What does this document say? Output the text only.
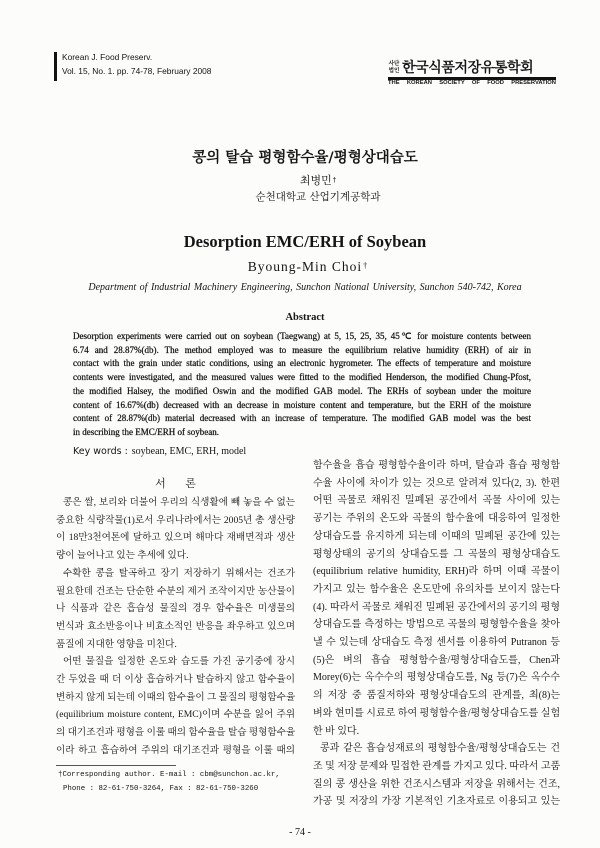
Korean J. Food Preserv.
Vol. 15, No. 1. pp. 74-78, February 2008
사단법인 한국식품저장유통학회
THE KOREAN SOCIETY OF FOOD PRESERVATION
콩의 탈습 평형함수율/평형상대습도
최병민†
순천대학교 산업기계공학과
Desorption EMC/ERH of Soybean
Byoung-Min Choi†
Department of Industrial Machinery Engineering, Sunchon National University, Sunchon 540-742, Korea
Abstract
Desorption experiments were carried out on soybean (Taegwang) at 5, 15, 25, 35, 45℃ for moisture contents between
6.74 and 28.87%(db). The method employed was to measure the equilibrium relative humidity (ERH) of air in
contact with the grain under static conditions, using an electronic hygrometer. The effects of temperature and moisture
contents were investigated, and the measured values were fitted to the modified Henderson, the modified Chung-Pfost,
the modified Halsey, the modified Oswin and the modified GAB model. The ERHs of soybean under the moiture
content of 16.67%(db) decreased with an decrease in moisture content and temperature, but the ERH of the moisture
content of 28.87%(db) material decreased with an increase of temperature. The modified GAB model was the best
in describing the EMC/ERH of soybean.
Key words : soybean, EMC, ERH, model
서 론
콩은 쌀, 보리와 더불어 우리의 식생활에 빼 놓을 수 없는
중요한 식량작물(1)로서 우리나라에서는 2005년 총 생산량
이 18만3천여톤에 달하고 있으며 해마다 재배면적과 생산
량이 늘어나고 있는 추세에 있다.
수확한 콩을 탈곡하고 장기 저장하기 위해서는 건조가
필요한데 건조는 단순한 수분의 제거 조작이지만 농산물이
나 식품과 같은 흡습성 물질의 경우 함수율은 미생물의
번식과 효소반응이나 비효소적인 반응을 좌우하고 있으며
품질에 지대한 영향을 미친다.
어떤 물질을 일정한 온도와 습도를 가진 공기중에 장시
간 두었을 때 더 이상 흡습하거나 탈습하지 않고 함수율이
변하지 않게 되는데 이때의 함수율이 그 물질의 평형함수율
(equilibrium moisture content, EMC)이며 수분을 잃어 주위
의 대기조건과 평형을 이룰 때의 함수율을 탈습 평형함수율
이라 하고 흡습하여 주위의 대기조건과 평형을 이룰 때의
함수율을 흡습 평형함수율이라 하며, 탈습과 흡습 평형함
수율 사이에 차이가 있는 것으로 알려져 있다(2, 3). 한편
어떤 곡물로 채워진 밀폐된 공간에서 곡물 사이에 있는
공기는 주위의 온도와 곡물의 함수율에 대응하여 일정한
상대습도를 유지하게 되는데 이때의 밀폐된 공간에 있는
평형상태의 공기의 상대습도를 그 곡물의 평형상대습도
(equilibrium relative humidity, ERH)라 하며 이때 곡물이
가지고 있는 함수율은 온도만에 유의차를 보이지 않는다
(4). 따라서 곡물로 채워진 밀폐된 공간에서의 공기의 평형
상대습도를 측정하는 방법으로 곡물의 평형함수율을 찾아
낼 수 있는데 상대습도 측정 센서를 이용하여 Putranon 등
(5)은 벼의 흡습 평형함수율/평형상대습도를, Chen과
Morey(6)는 옥수수의 평형상대습도를, Ng 등(7)은 옥수수
의 저장 중 품질저하와 평형상대습도의 관계를, 최(8)는
벼와 현미를 시료로 하여 평형함수율/평형상대습도를 실험
한 바 있다.
콩과 같은 흡습성재료의 평형함수율/평형상대습도는 건
조 및 저장 문제와 밀접한 관계를 가지고 있다. 따라서 고품
질의 콩 생산을 위한 건조시스템과 저장을 위해서는 건조,
가공 및 저장의 가장 기본적인 기초자료로 이용되고 있는
†Corresponding author. E-mail : cbm@sunchon.ac.kr,
Phone : 82-61-750-3264, Fax : 82-61-750-3260
- 74 -
